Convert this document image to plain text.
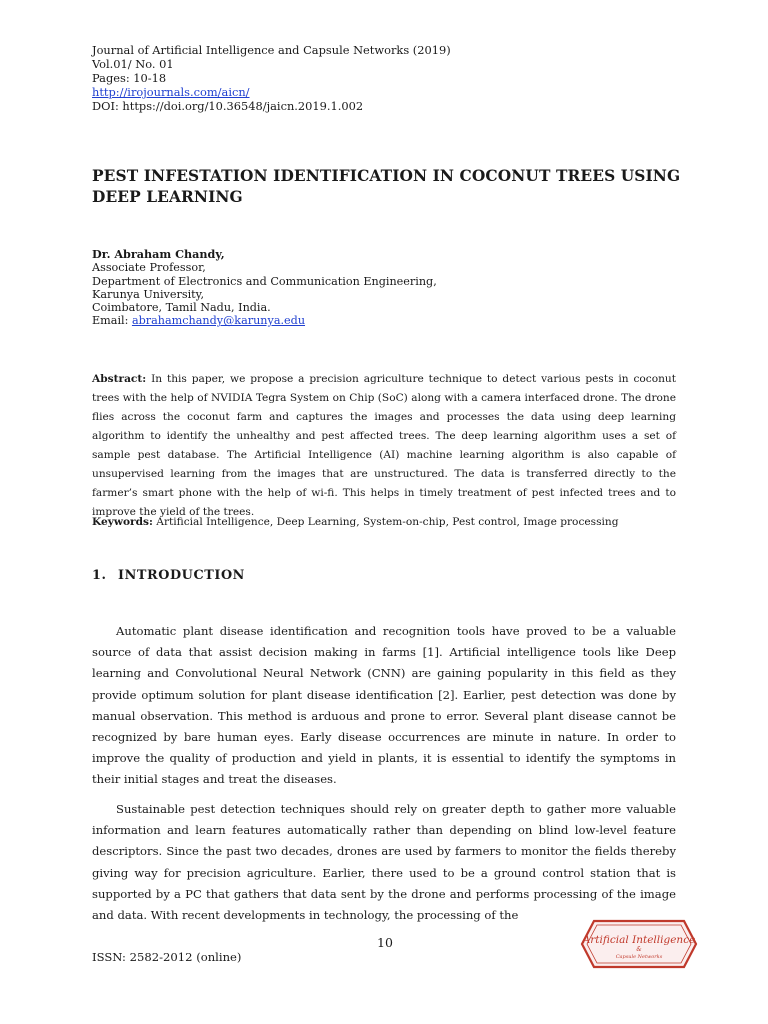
Journal of Artificial Intelligence and Capsule Networks (2019)
Vol.01/ No. 01
Pages: 10-18
http://irojournals.com/aicn/
DOI: https://doi.org/10.36548/jaicn.2019.1.002
PEST INFESTATION IDENTIFICATION IN COCONUT TREES USING DEEP LEARNING
Dr. Abraham Chandy,
Associate Professor,
Department of Electronics and Communication Engineering,
Karunya University,
Coimbatore, Tamil Nadu, India.
Email: abrahamchandy@karunya.edu

Abstract: In this paper, we propose a precision agriculture technique to detect various pests in coconut trees with the help of NVIDIA Tegra System on Chip (SoC) along with a camera interfaced drone. The drone flies across the coconut farm and captures the images and processes the data using deep learning algorithm to identify the unhealthy and pest affected trees. The deep learning algorithm uses a set of sample pest database. The Artificial Intelligence (AI) machine learning algorithm is also capable of unsupervised learning from the images that are unstructured. The data is transferred directly to the farmer’s smart phone with the help of wi-fi. This helps in timely treatment of pest infected trees and to improve the yield of the trees.

Keywords: Artificial Intelligence, Deep Learning, System-on-chip, Pest control, Image processing

1. INTRODUCTION

Automatic plant disease identification and recognition tools have proved to be a valuable source of data that assist decision making in farms [1]. Artificial intelligence tools like Deep learning and Convolutional Neural Network (CNN) are gaining popularity in this field as they provide optimum solution for plant disease identification [2]. Earlier, pest detection was done by manual observation. This method is arduous and prone to error. Several plant disease cannot be recognized by bare human eyes. Early disease occurrences are minute in nature. In order to improve the quality of production and yield in plants, it is essential to identify the symptoms in their initial stages and treat the diseases.

Sustainable pest detection techniques should rely on greater depth to gather more valuable information and learn features automatically rather than depending on blind low-level feature descriptors. Since the past two decades, drones are used by farmers to monitor the fields thereby giving way for precision agriculture. Earlier, there used to be a ground control station that is supported by a PC that gathers that data sent by the drone and performs processing of the image and data. With recent developments in technology, the processing of the

10
ISSN: 2582-2012 (online)
Artificial Intelligence
&
Capsule Networks
